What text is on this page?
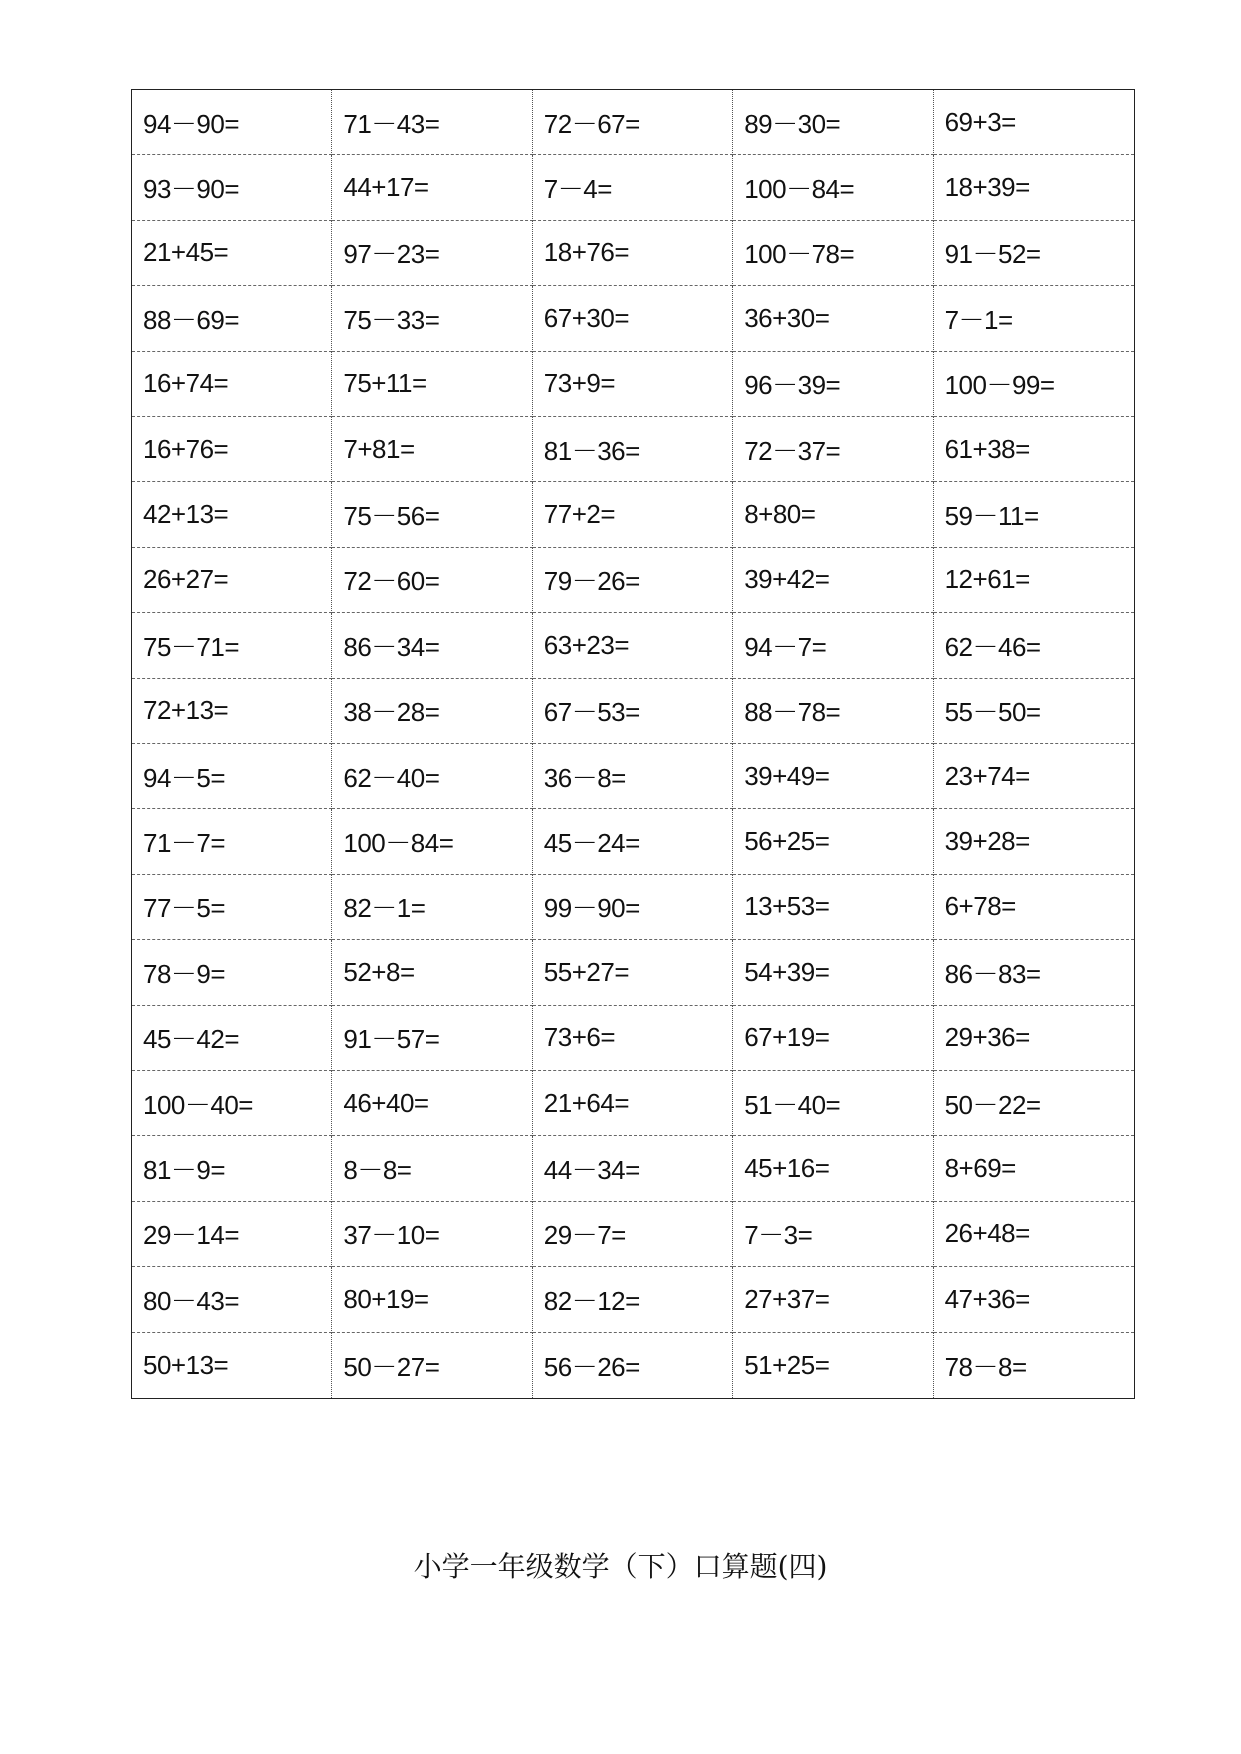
94－90=	71－43=	72－67=	89－30=	69+3=
93－90=	44+17=	7－4=	100－84=	18+39=
21+45=	97－23=	18+76=	100－78=	91－52=
88－69=	75－33=	67+30=	36+30=	7－1=
16+74=	75+11=	73+9=	96－39=	100－99=
16+76=	7+81=	81－36=	72－37=	61+38=
42+13=	75－56=	77+2=	8+80=	59－11=
26+27=	72－60=	79－26=	39+42=	12+61=
75－71=	86－34=	63+23=	94－7=	62－46=
72+13=	38－28=	67－53=	88－78=	55－50=
94－5=	62－40=	36－8=	39+49=	23+74=
71－7=	100－84=	45－24=	56+25=	39+28=
77－5=	82－1=	99－90=	13+53=	6+78=
78－9=	52+8=	55+27=	54+39=	86－83=
45－42=	91－57=	73+6=	67+19=	29+36=
100－40=	46+40=	21+64=	51－40=	50－22=
81－9=	8－8=	44－34=	45+16=	8+69=
29－14=	37－10=	29－7=	7－3=	26+48=
80－43=	80+19=	82－12=	27+37=	47+36=
50+13=	50－27=	56－26=	51+25=	78－8=
小学一年级数学（下）口算题(四)
